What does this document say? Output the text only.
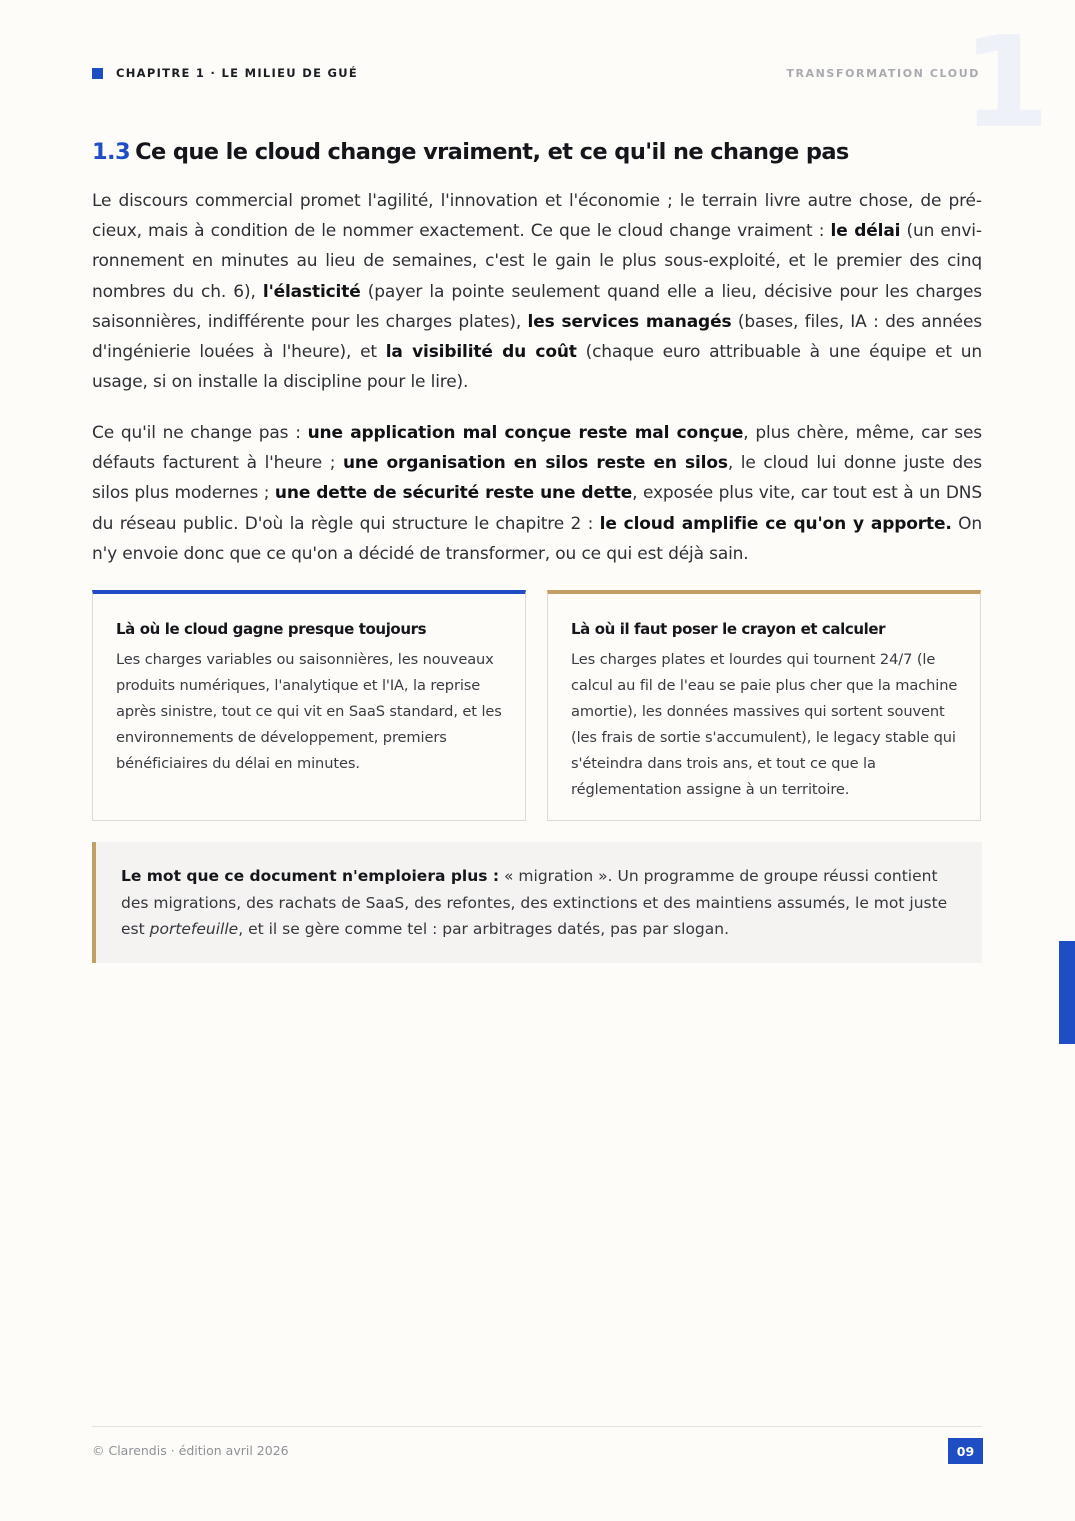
CHAPITRE 1 · LE MILIEU DE GUÉ	TRANSFORMATION CLOUD
1
1.3 Ce que le cloud change vraiment, et ce qu'il ne change pas

Le discours commercial promet l'agilité, l'innovation et l'économie ; le terrain livre autre chose, de précieux, mais à condition de le nommer exactement. Ce que le cloud change vraiment : le délai (un environnement en minutes au lieu de semaines, c'est le gain le plus sous-exploité, et le premier des cinq nombres du ch. 6), l'élasticité (payer la pointe seulement quand elle a lieu, décisive pour les charges saisonnières, indifférente pour les charges plates), les services managés (bases, files, IA : des années d'ingénierie louées à l'heure), et la visibilité du coût (chaque euro attribuable à une équipe et un usage, si on installe la discipline pour le lire).

Ce qu'il ne change pas : une application mal conçue reste mal conçue, plus chère, même, car ses défauts facturent à l'heure ; une organisation en silos reste en silos, le cloud lui donne juste des silos plus modernes ; une dette de sécurité reste une dette, exposée plus vite, car tout est à un DNS du réseau public. D'où la règle qui structure le chapitre 2 : le cloud amplifie ce qu'on y apporte. On n'y envoie donc que ce qu'on a décidé de transformer, ou ce qui est déjà sain.

Là où le cloud gagne presque toujours

Les charges variables ou saisonnières, les nouveaux produits numériques, l'analytique et l'IA, la reprise après sinistre, tout ce qui vit en SaaS standard, et les environnements de développement, premiers bénéficiaires du délai en minutes.

Là où il faut poser le crayon et calculer

Les charges plates et lourdes qui tournent 24/7 (le calcul au fil de l'eau se paie plus cher que la machine amortie), les données massives qui sortent souvent (les frais de sortie s'accumulent), le legacy stable qui s'éteindra dans trois ans, et tout ce que la réglementation assigne à un territoire.

Le mot que ce document n'emploiera plus : « migration ». Un programme de groupe réussi contient des migrations, des rachats de SaaS, des refontes, des extinctions et des maintiens assumés, le mot juste est portefeuille, et il se gère comme tel : par arbitrages datés, pas par slogan.
© Clarendis · édition avril 2026	09
